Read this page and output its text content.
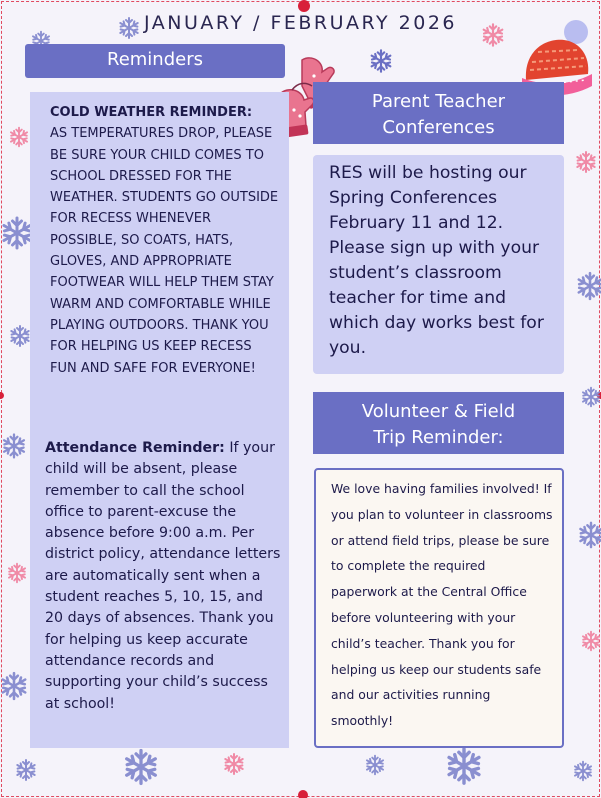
JANUARY / FEBRUARY 2026
Reminders
COLD WEATHER REMINDER:
AS TEMPERATURES DROP, PLEASE BE SURE YOUR CHILD COMES TO SCHOOL DRESSED FOR THE WEATHER. STUDENTS GO OUTSIDE FOR RECESS WHENEVER POSSIBLE, SO COATS, HATS, GLOVES, AND APPROPRIATE FOOTWEAR WILL HELP THEM STAY WARM AND COMFORTABLE WHILE PLAYING OUTDOORS. THANK YOU FOR HELPING US KEEP RECESS FUN AND SAFE FOR EVERYONE!
Attendance Reminder: If your child will be absent, please remember to call the school office to parent-excuse the absence before 9:00 a.m. Per district policy, attendance letters are automatically sent when a student reaches 5, 10, 15, and 20 days of absences. Thank you for helping us keep accurate attendance records and supporting your child’s success at school!
Parent Teacher
Conferences
RES will be hosting our Spring Conferences February 11 and 12. Please sign up with your student’s classroom teacher for time and which day works best for you.
Volunteer & Field
Trip Reminder:
We love having families involved! If you plan to volunteer in classrooms or attend field trips, please be sure to complete the required paperwork at the Central Office before volunteering with your child’s teacher. Thank you for helping us keep our students safe and our activities running smoothly!
